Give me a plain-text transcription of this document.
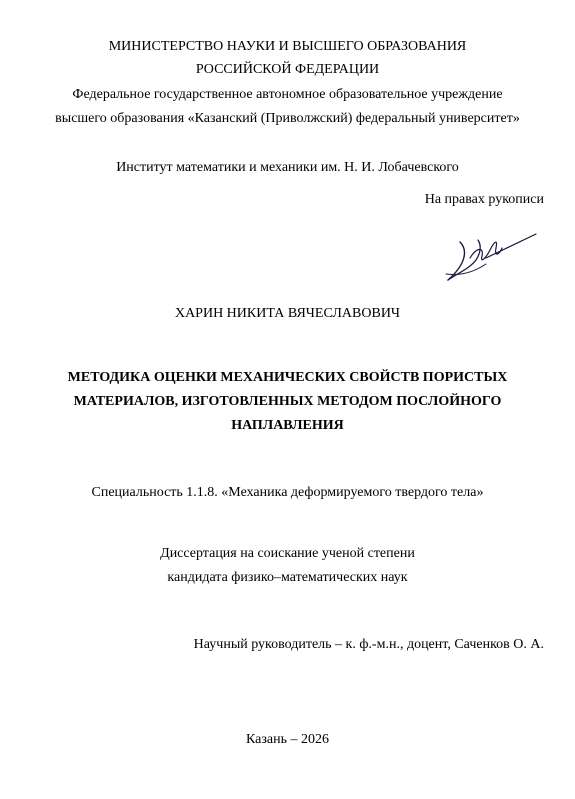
МИНИСТЕРСТВО НАУКИ И ВЫСШЕГО ОБРАЗОВАНИЯ
РОССИЙСКОЙ ФЕДЕРАЦИИ
Федеральное государственное автономное образовательное учреждение
высшего образования «Казанский (Приволжский) федеральный университет»
Институт математики и механики им. Н. И. Лобачевского
На правах рукописи
ХАРИН НИКИТА ВЯЧЕСЛАВОВИЧ
МЕТОДИКА ОЦЕНКИ МЕХАНИЧЕСКИХ СВОЙСТВ ПОРИСТЫХ
МАТЕРИАЛОВ, ИЗГОТОВЛЕННЫХ МЕТОДОМ ПОСЛОЙНОГО
НАПЛАВЛЕНИЯ
Специальность 1.1.8. «Механика деформируемого твердого тела»
Диссертация на соискание ученой степени
кандидата физико–математических наук
Научный руководитель – к. ф.-м.н., доцент, Саченков О. А.
Казань – 2026
